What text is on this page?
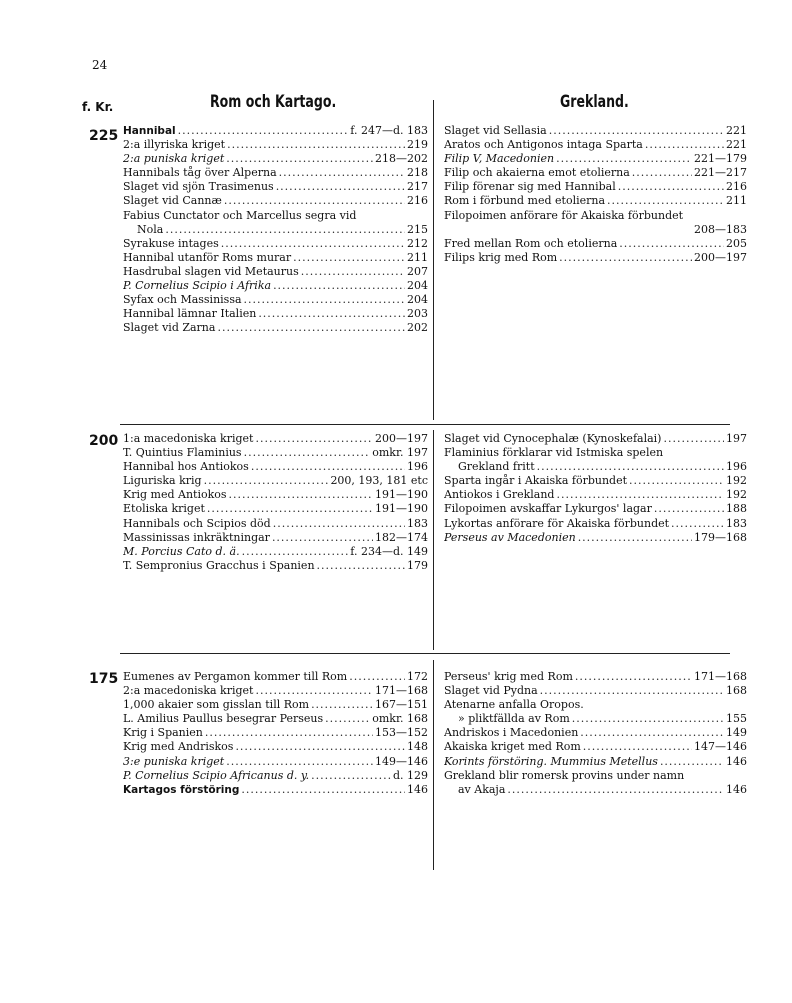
24
f. Kr.	Rom och Kartago.	Grekland.
225
200
175
Hannibal .....	f. 247—d. 183
2:a illyriska kriget .....	219
2:a puniska kriget .....	218—202
Hannibals tåg över Alperna .....	218
Slaget vid sjön Trasimenus .....	217
Slaget vid Cannæ .....	216
Fabius Cunctator och Marcellus segra vid
Nola .....	215
Syrakuse intages .....	212
Hannibal utanför Roms murar .....	211
Hasdrubal slagen vid Metaurus .....	207
P. Cornelius Scipio i Afrika .....	204
Syfax och Massinissa .....	204
Hannibal lämnar Italien .....	203
Slaget vid Zarna .....	202
Slaget vid Sellasia .....	221
Aratos och Antigonos intaga Sparta .....	221
Filip V, Macedonien .....	221—179
Filip och akaierna emot etolierna .....	221—217
Filip förenar sig med Hannibal .....	216
Rom i förbund med etolierna .....	211
Filopoimen anförare för Akaiska förbundet
208—183
Fred mellan Rom och etolierna .....	205
Filips krig med Rom .....	200—197
1:a macedoniska kriget .....	200—197
T. Quintius Flaminius .....	omkr. 197
Hannibal hos Antiokos .....	196
Liguriska krig .....	200, 193, 181 etc
Krig med Antiokos .....	191—190
Etoliska kriget .....	191—190
Hannibals och Scipios död .....	183
Massinissas inkräktningar .....	182—174
M. Porcius Cato d. ä. .....	f. 234—d. 149
T. Sempronius Gracchus i Spanien .....	179
Slaget vid Cynocephalæ (Kynoskefalai) .....	197
Flaminius förklarar vid Istmiska spelen
Grekland fritt .....	196
Sparta ingår i Akaiska förbundet .....	192
Antiokos i Grekland .....	192
Filopoimen avskaffar Lykurgos' lagar .....	188
Lykortas anförare för Akaiska förbundet .....	183
Perseus av Macedonien .....	179—168
Eumenes av Pergamon kommer till Rom .....	172
2:a macedoniska kriget .....	171—168
1,000 akaier som gisslan till Rom .....	167—151
L. Amilius Paullus besegrar Perseus .....	omkr. 168
Krig i Spanien .....	153—152
Krig med Andriskos .....	148
3:e puniska kriget .....	149—146
P. Cornelius Scipio Africanus d. y. .....	d. 129
Kartagos förstöring .....	146
Perseus' krig med Rom .....	171—168
Slaget vid Pydna .....	168
Atenarne anfalla Oropos.
» pliktfällda av Rom .....	155
Andriskos i Macedonien .....	149
Akaiska kriget med Rom .....	147—146
Korints förstöring. Mummius Metellus .....	146
Grekland blir romersk provins under namn
av Akaja .....	146
